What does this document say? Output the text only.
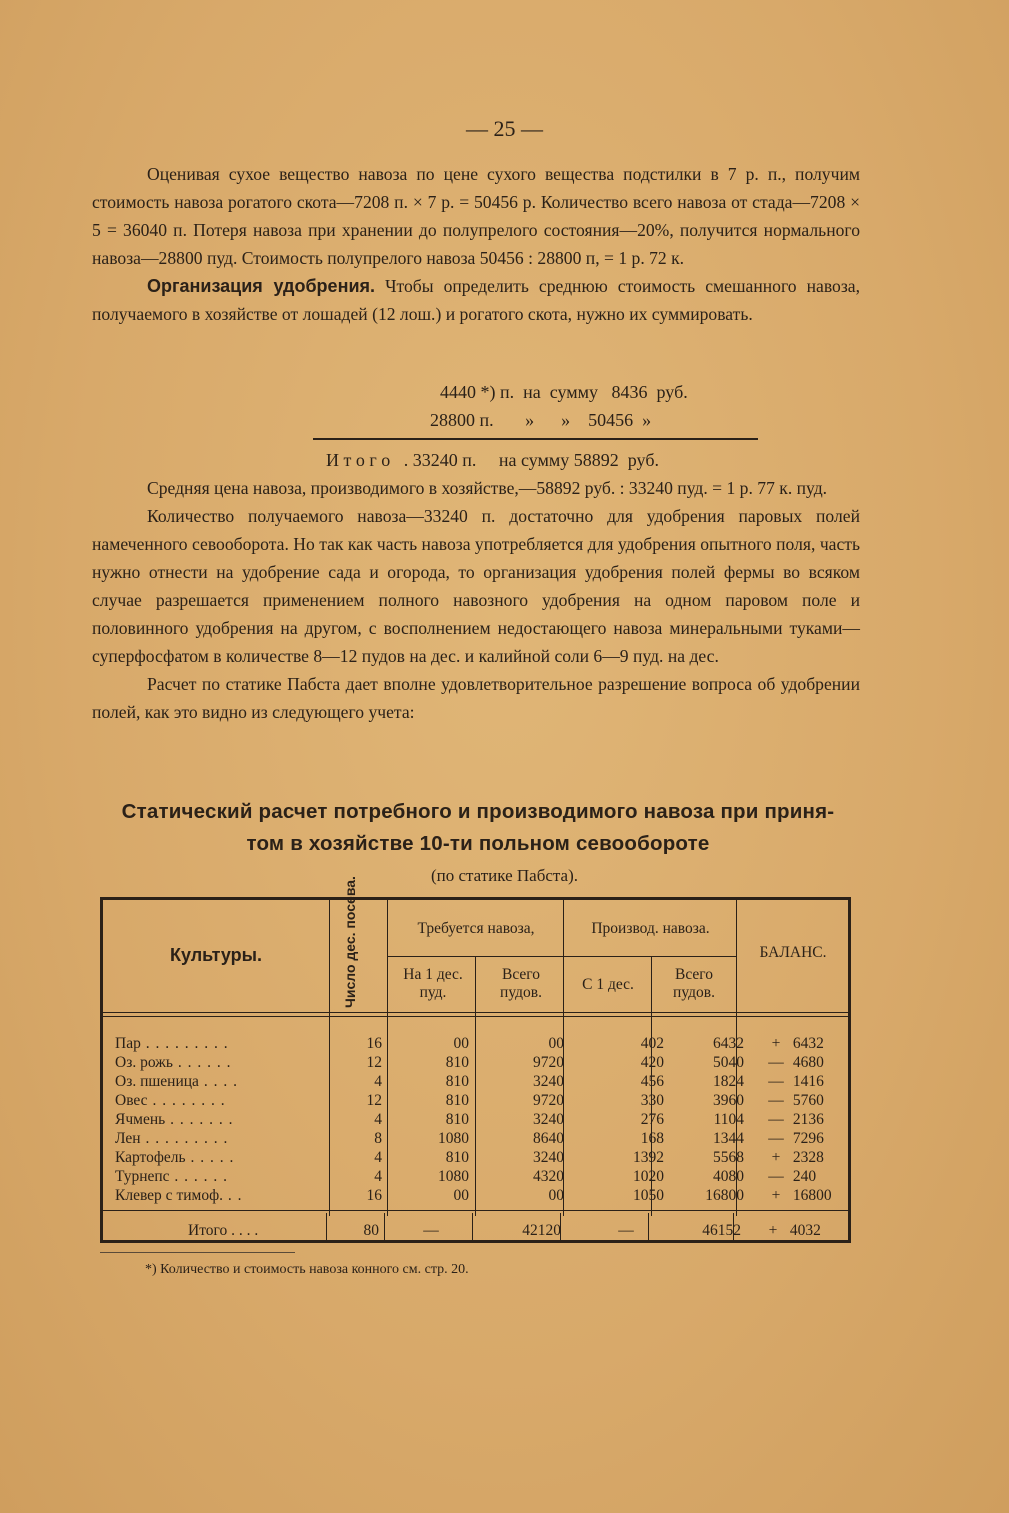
— 25 —

Оценивая сухое вещество навоза по цене сухого вещества подстилки в 7 р. п., получим стоимость навоза рогатого скота—7208 п. × 7 р. = 50456 р. Количество всего навоза от стада—7208 × 5 = 36040 п. Потеря навоза при хранении до полупрелого состояния—20%, получится нормального навоза—28800 пуд. Стоимость полупрелого навоза 50456 : 28800 п, = 1 р. 72 к.

Организация удобрения. Чтобы определить среднюю стоимость смешанного навоза, получаемого в хозяйстве от лошадей (12 лош.) и рогатого скота, нужно их суммировать.

4440 *) п.  на  сумму   8436  руб.
28800 п.       »      »    50456  »
И т о г о   . 33240 п.     на сумму 58892  руб.

Средняя цена навоза, производимого в хозяйстве,—58892 руб. : 33240 пуд. = 1 р. 77 к. пуд.

Количество получаемого навоза—33240 п. достаточно для удобрения паровых полей намеченного севооборота. Но так как часть навоза употребляется для удобрения опытного поля, часть нужно отнести на удобрение сада и огорода, то организация удобрения полей фермы во всяком случае разрешается применением полного навозного удобрения на одном паровом поле и половинного удобрения на другом, с восполнением недостающего навоза минеральными туками—суперфосфатом в количестве 8—12 пудов на дес. и калийной соли 6—9 пуд. на дес.

Расчет по статике Пабста дает вполне удовлетворительное разрешение вопроса об удобрении полей, как это видно из следующего учета:

Статический расчет потребного и производимого навоза при приня-
том в хозяйстве 10-ти польном севообороте
(по статике Пабста).
Культуры.	Число дес. посева.	Требуется навоза,	Производ. навоза.
БАЛАНС.
На 1 дес. пуд.
Всего пудов.	С 1 дес.
Всего пудов.
Пар . . . . . . . . .	16	00	00	402	6432	+ 6432
Оз. рожь . . . . . .	12	810	9720	420	5040	— 4680
Оз. пшеница . . . .	4	810	3240	456	1824	— 1416
Овес . . . . . . . .	12	810	9720	330	3960	— 5760
Ячмень . . . . . . .	4	810	3240	276	1104	— 2136
Лен . . . . . . . . .	8	1080	8640	168	1344	— 7296
Картофель . . . . .	4	810	3240	1392	5568	+ 2328
Турнепс . . . . . .	4	1080	4320	1020	4080	— 240
Клевер с тимоф. . .	16	00	00	1050	16800	+ 16800
Итого . . . .	80	—	42120	—	46152	+ 4032
*) Количество и стоимость навоза конного см. стр. 20.
